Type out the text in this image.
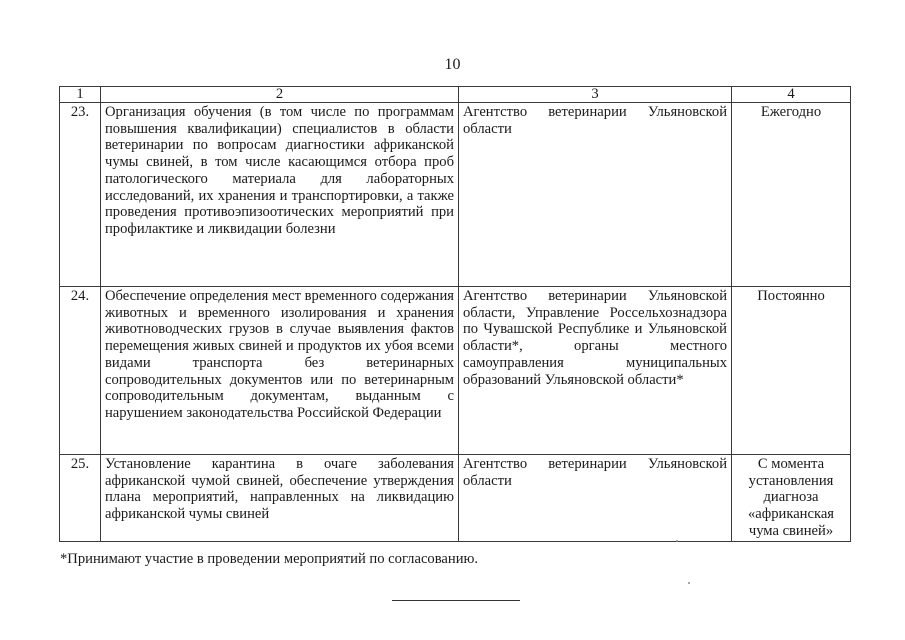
10
1	2	3	4
23.	Организация обучения (в том числе по программам повышения квалификации) специалистов в области ветеринарии по вопросам диагностики африканской чумы свиней, в том числе касающимся отбора проб патологического материала для лабораторных исследований, их хранения и транспортировки, а также проведения противоэпизоотических мероприятий при профилактике и ликвидации болезни	Агентство ветеринарии Ульяновской области	Ежегодно
24.	Обеспечение определения мест временного содержания животных и временного изолирования и хранения животноводческих грузов в случае выявления фактов перемещения живых свиней и продуктов их убоя всеми видами транспорта без ветеринарных сопроводительных документов или по ветеринарным сопроводительным документам, выданным с нарушением законодательства Российской Федерации	Агентство ветеринарии Ульяновской области, Управление Россельхознадзора по Чувашской Республике и Ульяновской области*, органы местного самоуправления муниципальных образований Ульяновской области*	Постоянно
25.	Установление карантина в очаге заболевания африканской чумой свиней, обеспечение утверждения плана мероприятий, направленных на ликвидацию африканской чумы свиней	Агентство ветеринарии Ульяновской области	С момента установления диагноза «африканская чума свиней»
*Принимают участие в проведении мероприятий по согласованию.
